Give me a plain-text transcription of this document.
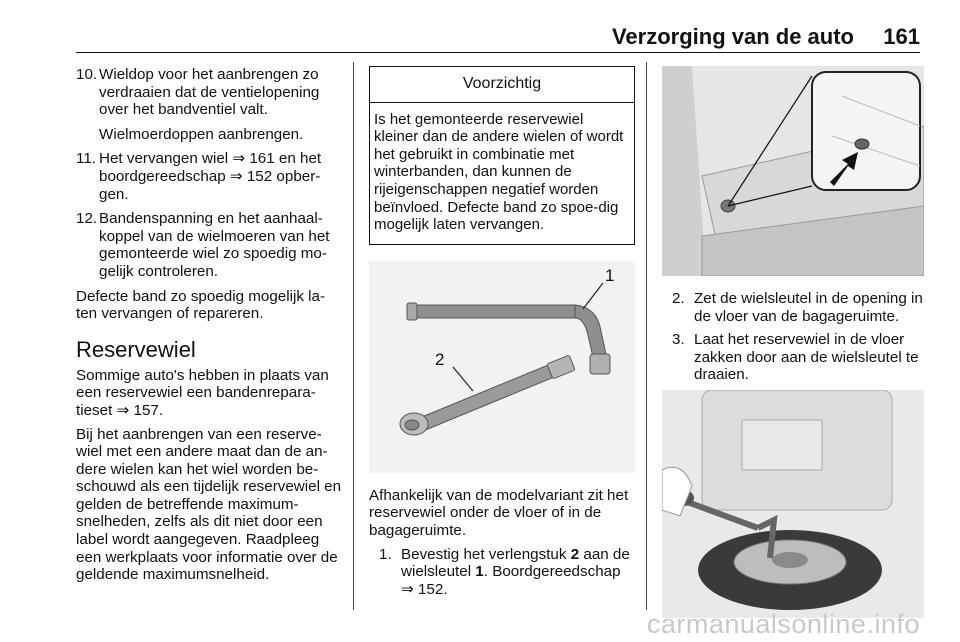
Verzorging van de auto 161
10. Wieldop voor het aanbrengen zo verdraaien dat de ventielopening over het bandventiel valt.
Wielmoerdoppen aanbrengen.
11. Het vervangen wiel ⇒ 161 en het boordgereedschap ⇒ 152 opber-gen.
12. Bandenspanning en het aanhaal-koppel van de wielmoeren van het gemonteerde wiel zo spoedig mo-gelijk controleren.

Defecte band zo spoedig mogelijk la-ten vervangen of repareren.

Reservewiel

Sommige auto's hebben in plaats van een reservewiel een bandenrepara-tieset ⇒ 157.

Bij het aanbrengen van een reserve-wiel met een andere maat dan de an-dere wielen kan het wiel worden be-schouwd als een tijdelijk reservewiel en gelden de betreffende maximum-snelheden, zelfs als dit niet door een label wordt aangegeven. Raadpleeg een werkplaats voor informatie over de geldende maximumsnelheid.

Voorzichtig
Is het gemonteerde reservewiel kleiner dan de andere wielen of wordt het gebruikt in combinatie met winterbanden, dan kunnen de rijeigenschappen negatief worden beïnvloed. Defecte band zo spoe-dig mogelijk laten vervangen.
1
2

Afhankelijk van de modelvariant zit het reservewiel onder de vloer of in de bagageruimte.

1. Bevestig het verlengstuk 2 aan de wielsleutel 1. Boordgereedschap ⇒ 152.
2. Zet de wielsleutel in de opening in de vloer van de bagageruimte.
3. Laat het reservewiel in de vloer zakken door aan de wielsleutel te draaien.
carmanualsonline.info
